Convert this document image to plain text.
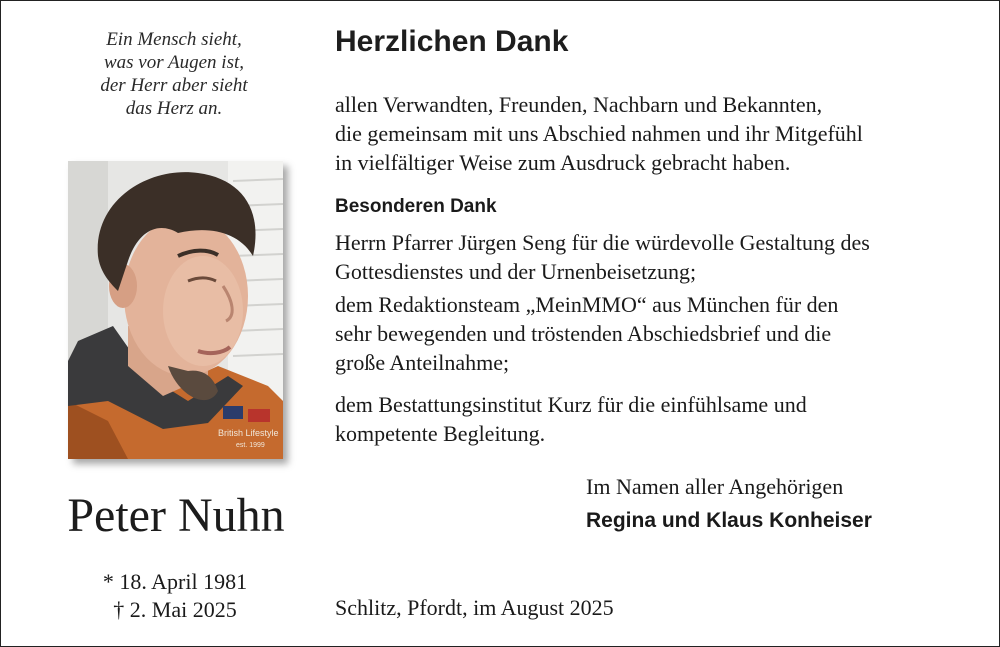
Ein Mensch sieht,
was vor Augen ist,
der Herr aber sieht
das Herz an.
British Lifestyle
est. 1999
Peter Nuhn
* 18. April 1981
† 2. Mai 2025
Herzlichen Dank
allen Verwandten, Freunden, Nachbarn und Bekannten,
die gemeinsam mit uns Abschied nahmen und ihr Mitgefühl
in vielfältiger Weise zum Ausdruck gebracht haben.
Besonderen Dank
Herrn Pfarrer Jürgen Seng für die würdevolle Gestaltung des
Gottesdienstes und der Urnenbeisetzung;
dem Redaktionsteam „MeinMMO“ aus München für den
sehr bewegenden und tröstenden Abschiedsbrief und die
große Anteilnahme;
dem Bestattungsinstitut Kurz für die einfühlsame und
kompetente Begleitung.
Im Namen aller Angehörigen
Regina und Klaus Konheiser
Schlitz, Pfordt, im August 2025
